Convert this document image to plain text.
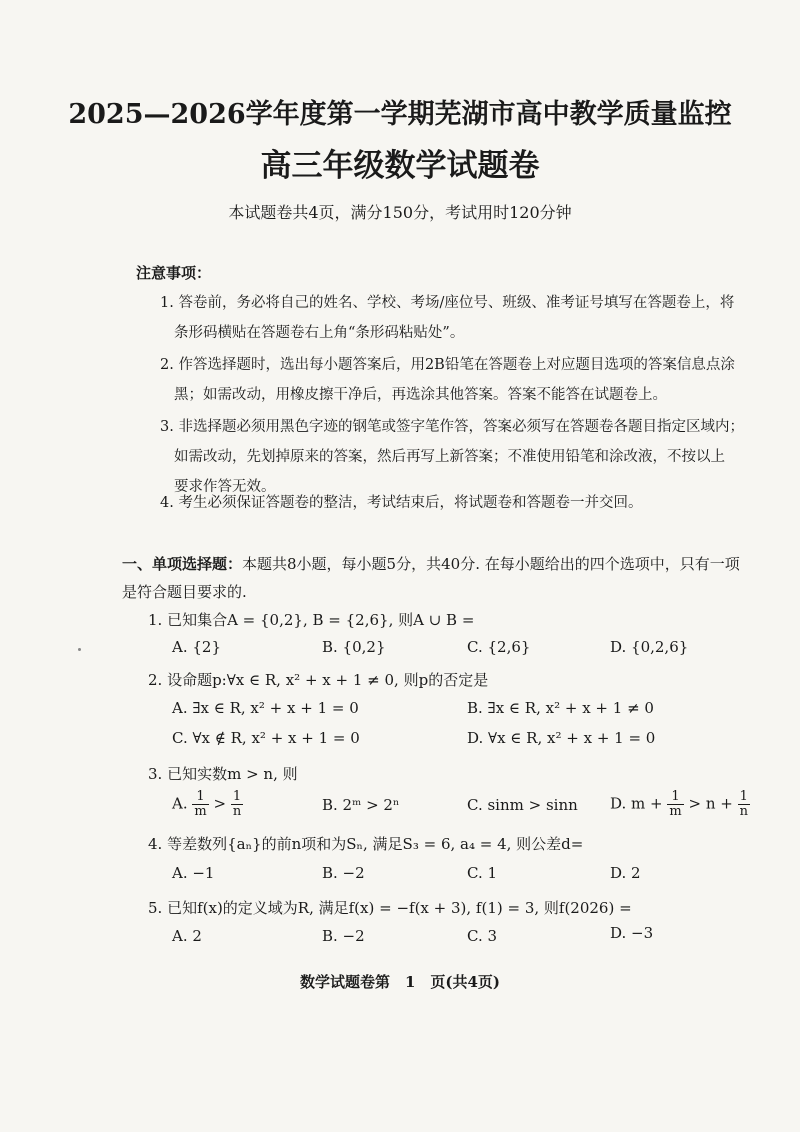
2025—2026学年度第一学期芜湖市高中教学质量监控
高三年级数学试题卷
本试题卷共4页，满分150分，考试用时120分钟
注意事项：
1. 答卷前，务必将自己的姓名、学校、考场/座位号、班级、准考证号填写在答题卷上，将
条形码横贴在答题卷右上角“条形码粘贴处”。
2. 作答选择题时，选出每小题答案后，用2B铅笔在答题卷上对应题目选项的答案信息点涂
黑；如需改动，用橡皮擦干净后，再选涂其他答案。答案不能答在试题卷上。
3. 非选择题必须用黑色字迹的钢笔或签字笔作答，答案必须写在答题卷各题目指定区域内；
如需改动，先划掉原来的答案，然后再写上新答案；不准使用铅笔和涂改液，不按以上
要求作答无效。
4. 考生必须保证答题卷的整洁，考试结束后，将试题卷和答题卷一并交回。
一、单项选择题：本题共8小题，每小题5分，共40分. 在每小题给出的四个选项中，只有一项
是符合题目要求的.
1. 已知集合A = {0,2}, B = {2,6}, 则A ∪ B =
A. {2}	B. {0,2}	C. {2,6}	D. {0,2,6}
2. 设命题p:∀x ∈ R, x² + x + 1 ≠ 0, 则p的否定是
A. ∃x ∈ R, x² + x + 1 = 0	B. ∃x ∈ R, x² + x + 1 ≠ 0
C. ∀x ∉ R, x² + x + 1 = 0	D. ∀x ∈ R, x² + x + 1 = 0
3. 已知实数m > n, 则
A. $\frac{1}{m} > \frac{1}{n}$	B. 2ᵐ > 2ⁿ	C. sinm > sinn D. $m + \frac{1}{m} > n + \frac{1}{n}$
4. 等差数列{aₙ}的前n项和为Sₙ, 满足S₃ = 6, a₄ = 4, 则公差d=
A. −1	B. −2	C. 1	D. 2
5. 已知f(x)的定义域为R, 满足f(x) = −f(x + 3), f(1) = 3, 则f(2026) =
A. 2	B. −2	C. 3	D. −3
数学试题卷第　1　页(共4页)
